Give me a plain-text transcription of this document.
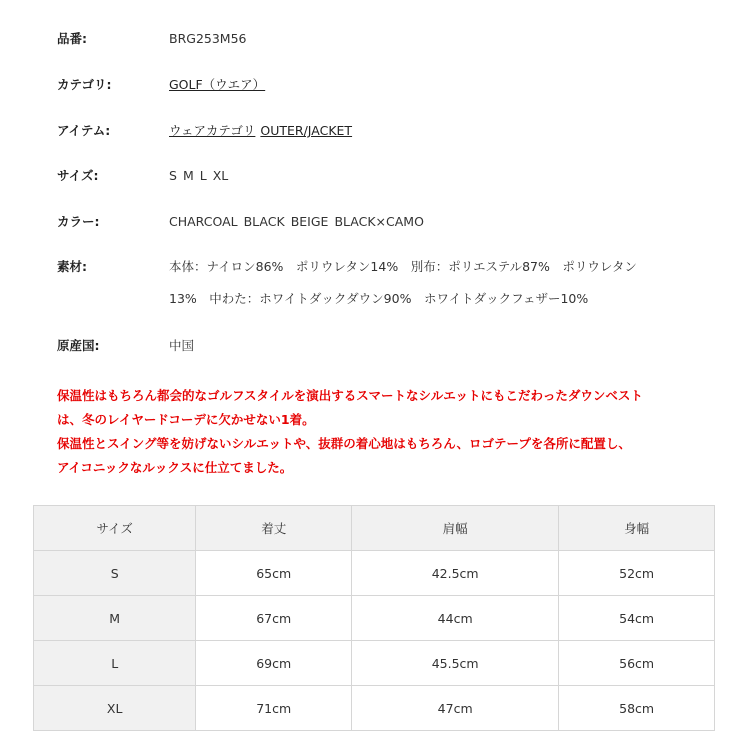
品番:	BRG253M56
カテゴリ:	GOLF（ウエア）
アイテム:	ウェアカテゴリ OUTER/JACKET
サイズ:	S M L XL
カラー:	CHARCOAL BLACK BEIGE BLACK×CAMO
素材:	本体：ナイロン86%　ポリウレタン14%　別布：ポリエステル87%　ポリウレタン
13%　中わた：ホワイトダックダウン90%　ホワイトダックフェザー10%
原産国:	中国

保温性はもちろん都会的なゴルフスタイルを演出するスマートなシルエットにもこだわったダウンベスト

は、冬のレイヤードコーデに欠かせない1着。

保温性とスイング等を妨げないシルエットや、抜群の着心地はもちろん、ロゴテープを各所に配置し、

アイコニックなルックスに仕立てました。

サイズ	着丈	肩幅	身幅
S	65cm	42.5cm	52cm
M	67cm	44cm	54cm
L	69cm	45.5cm	56cm
XL	71cm	47cm	58cm
